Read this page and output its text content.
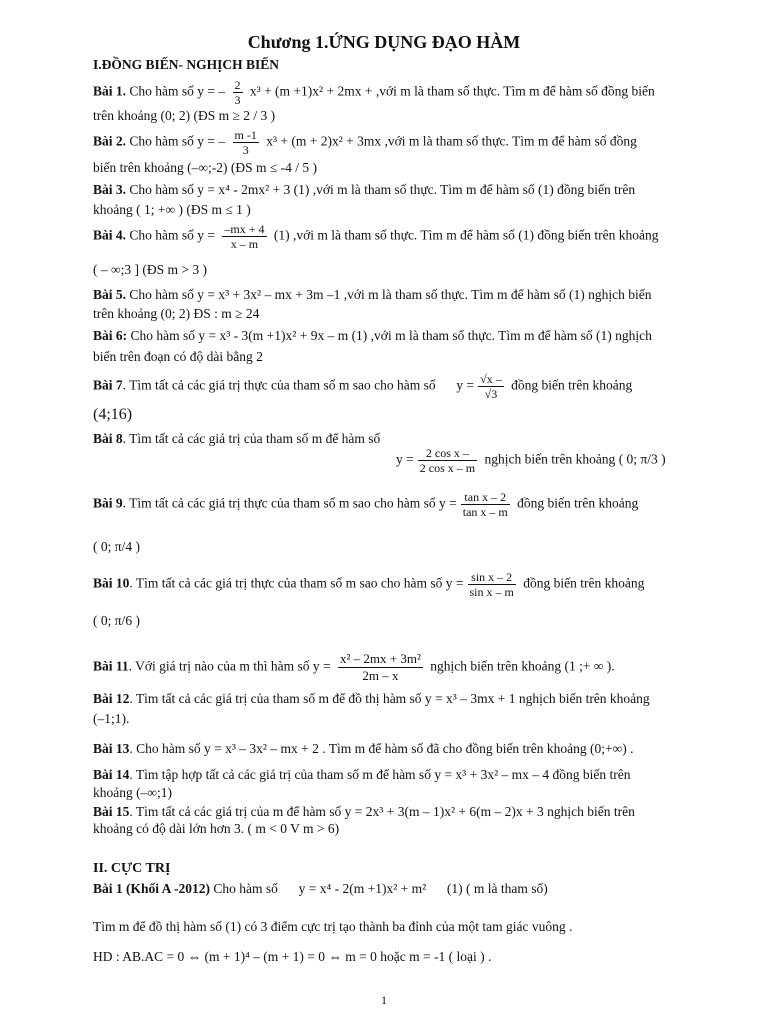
Chương 1.ỨNG DỤNG ĐẠO HÀM
I.ĐỒNG BIẾN- NGHỊCH BIẾN
Bài 1. Cho hàm số y = – $\frac{2}{3} x^3 + (m +1)x^2 + 2mx$ + ,với m là tham số thực. Tìm m để hàm số đồng biến
trên khoảng (0; 2) (ĐS m ≥ 2 / 3 )
Bài 2. Cho hàm số y = – $\frac{m -1}{3} x^3 + (m + 2)x^2 + 3mx$ ,với m là tham số thực. Tìm m để hàm số đồng
biến trên khoảng (–∞;-2) (ĐS m ≤ -4 / 5 )
Bài 3. Cho hàm số y = x⁴ - 2mx² + 3 (1) ,với m là tham số thực. Tìm m để hàm số (1) đồng biến trên
khoảng ( 1; +∞ ) (ĐS m ≤ 1 )
Bài 4. Cho hàm số $y = \frac{-mx + 4}{x - m} (1)$ ,với m là tham số thực. Tìm m để hàm số (1) đồng biến trên khoảng
( – ∞;3 ] (ĐS m > 3 )
Bài 5. Cho hàm số y = x³ + 3x² – mx + 3m –1 ,với m là tham số thực. Tìm m để hàm số (1) nghịch biến
trên khoảng (0; 2) ĐS : m ≥ 24
Bài 6: Cho hàm số y = x³ - 3(m +1)x² + 9x – m (1) ,với m là tham số thực. Tìm m để hàm số (1) nghịch
biến trên đoạn có độ dài bằng 2
Bài 7. Tìm tất cả các giá trị thực của tham số m sao cho hàm số $y = \frac{√x -}{√3}$ đồng biến trên khoảng
(4;16)
Bài 8. Tìm tất cả các giá trị của tham số m để hàm số
$y = \frac{\text{2 cos x –}}{\text{2 cos x – m}}$ nghịch biến trên khoảng ( 0; π/3 )
Bài 9. Tìm tất cả các giá trị thực của tham số m sao cho hàm số $y = \frac{\text{tan x – 2}}{\text{tan x – m}}$ đồng biến trên khoảng
( 0; π/4 )
Bài 10. Tìm tất cả các giá trị thực của tham số m sao cho hàm số $y = \frac{\text{sin x – 2}}{\text{sin x – m}}$ đồng biến trên khoảng
( 0; π/6 )
Bài 11. Với giá trị nào của m thì hàm số $y = \frac{\text{x² – 2mx + 3m²}}{2m - x}$ nghịch biến trên khoảng (1 ;+ ∞ ).
Bài 12. Tìm tất cả các giá trị của tham số m để đồ thị hàm số y = x³ – 3mx + 1 nghịch biến trên khoảng
(–1;1).
Bài 13. Cho hàm số y = x³ – 3x² – mx + 2 . Tìm m để hàm số đã cho đồng biến trên khoảng (0;+∞) .
Bài 14. Tìm tập hợp tất cả các giá trị của tham số m để hàm số y = x³ + 3x² – mx – 4 đồng biến trên
khoảng (–∞;1)
Bài 15. Tìm tất cả các giá trị của m để hàm số y = 2x³ + 3(m – 1)x² + 6(m – 2)x + 3 nghịch biến trên
khoảng có độ dài lớn hơn 3. ( m < 0 V m > 6)
II. CỰC TRỊ
Bài 1 (Khối A -2012) Cho hàm số y = x⁴ - 2(m +1)x² + m² (1) ( m là tham số)
Tìm m để đồ thị hàm số (1) có 3 điểm cực trị tạo thành ba đỉnh của một tam giác vuông .
HD : AB.AC = 0 ⇔ (m + 1)⁴ – (m + 1) = 0 ⇔ m = 0 hoặc m = -1 ( loại ) .
1
